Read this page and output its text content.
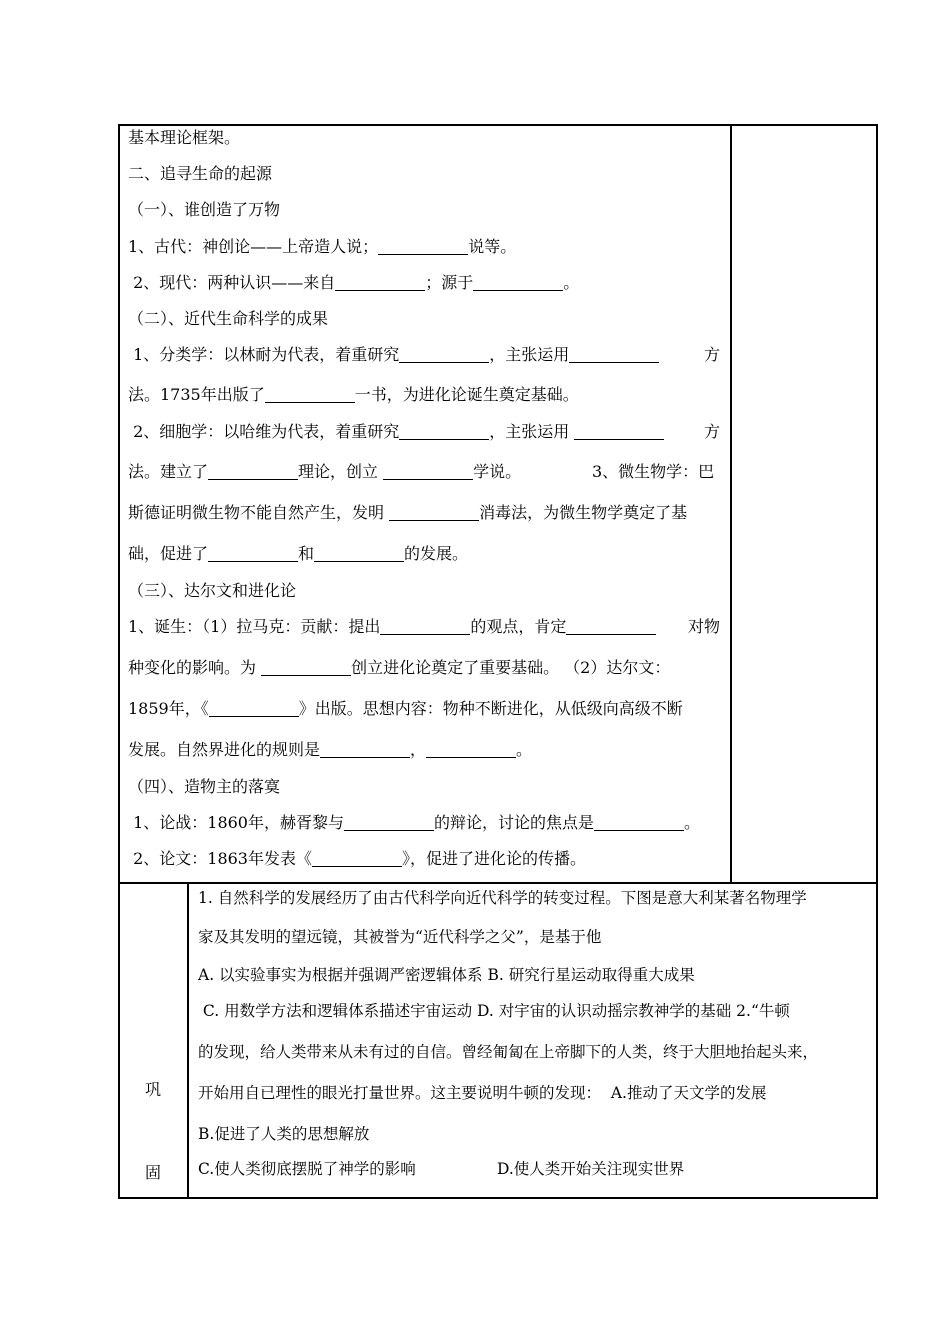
基本理论框架。
二、追寻生命的起源
（一）、谁创造了万物
1、古代：神创论——上帝造人说；	说等。
2、现代：两种认识——来自	；源于	。
（二）、近代生命科学的成果
1、分类学：以林耐为代表，着重研究	，主张运用	方
法。1735年出版了	一书，为进化论诞生奠定基础。
2、细胞学：以哈维为代表，着重研究	，主张运用	方
法。建立了	理论，创立	学说。	3、微生物学：巴
斯德证明微生物不能自然产生，发明	消毒法，为微生物学奠定了基
础，促进了	和	的发展。
（三）、达尔文和进化论
1、诞生：（1）拉马克：贡献：提出	的观点，肯定	对物
种变化的影响。为	创立进化论奠定了重要基础。 （2）达尔文：
1859年，《	》出版。思想内容：物种不断进化，从低级向高级不断
发展。自然界进化的规则是	，	。
（四）、造物主的落寞
1、论战：1860年，赫胥黎与	的辩论，讨论的焦点是	。
2、论文：1863年发表《	》，促进了进化论的传播。
巩
固
1. 自然科学的发展经历了由古代科学向近代科学的转变过程。下图是意大利某著名物理学
家及其发明的望远镜，其被誉为“近代科学之父”，是基于他
A. 以实验事实为根据并强调严密逻辑体系 B. 研究行星运动取得重大成果
C. 用数学方法和逻辑体系描述宇宙运动 D. 对宇宙的认识动摇宗教神学的基础 2.“牛顿
的发现，给人类带来从未有过的自信。曾经匍匐在上帝脚下的人类，终于大胆地抬起头来，
开始用自已理性的眼光打量世界。这主要说明牛顿的发现：  A.推动了天文学的发展
B.促进了人类的思想解放
C.使人类彻底摆脱了神学的影响	D.使人类开始关注现实世界
